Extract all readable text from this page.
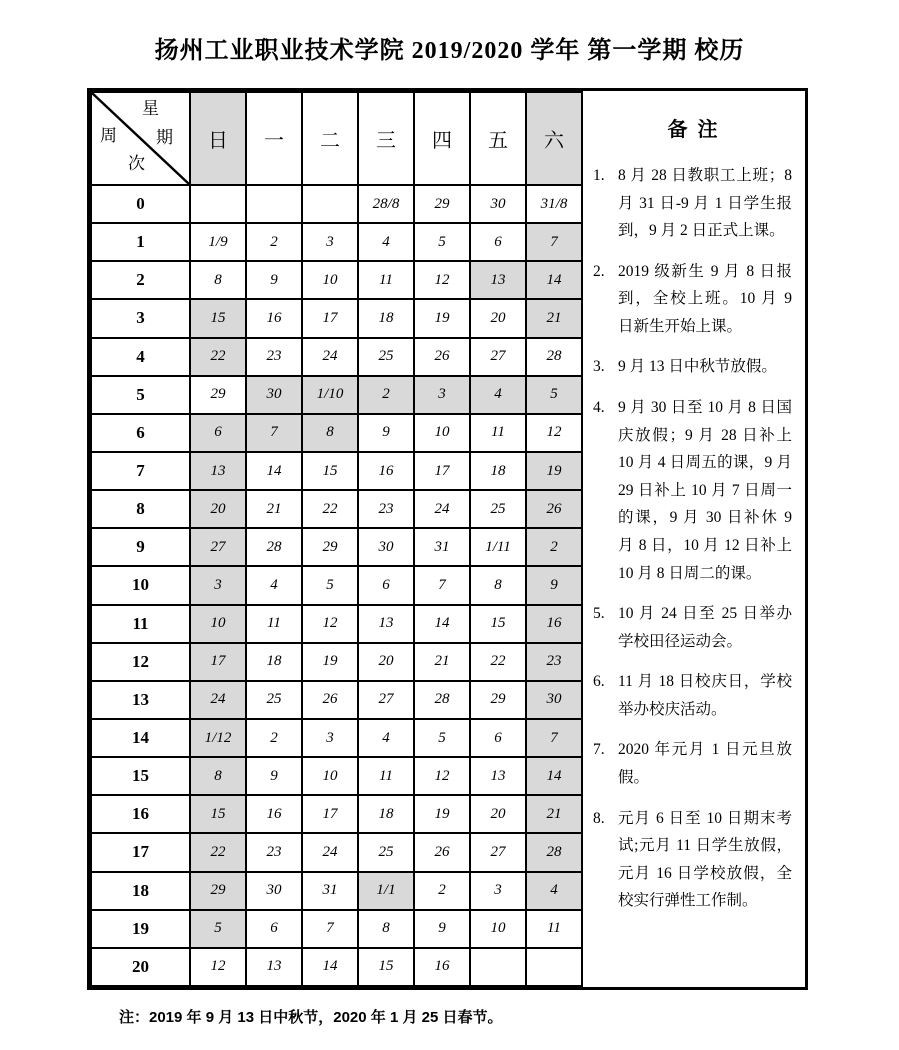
扬州工业职业技术学院 2019/2020 学年 第一学期 校历
星
期
周
次	日	一	二	三	四	五	六
0				28/8	29	30	31/8
1	1/9	2	3	4	5	6	7
2	8	9	10	11	12	13	14
3	15	16	17	18	19	20	21
4	22	23	24	25	26	27	28
5	29	30	1/10	2	3	4	5
6	6	7	8	9	10	11	12
7	13	14	15	16	17	18	19
8	20	21	22	23	24	25	26
9	27	28	29	30	31	1/11	2
10	3	4	5	6	7	8	9
11	10	11	12	13	14	15	16
12	17	18	19	20	21	22	23
13	24	25	26	27	28	29	30
14	1/12	2	3	4	5	6	7
15	8	9	10	11	12	13	14
16	15	16	17	18	19	20	21
17	22	23	24	25	26	27	28
18	29	30	31	1/1	2	3	4
19	5	6	7	8	9	10	11
20	12	13	14	15	16		
备  注
1. 8 月 28 日教职工上班；8 月 31 日-9 月 1 日学生报到，9 月 2 日正式上课。
2. 2019 级新生 9 月 8 日报到，全校上班。10 月 9 日新生开始上课。
3. 9 月 13 日中秋节放假。
4. 9 月 30 日至 10 月 8 日国庆放假；9 月 28 日补上 10 月 4 日周五的课，9 月 29 日补上 10 月 7 日周一的课，9 月 30 日补休 9 月 8 日，10 月 12 日补上 10 月 8 日周二的课。
5. 10 月 24 日至 25 日举办学校田径运动会。
6. 11 月 18 日校庆日，学校举办校庆活动。
7. 2020 年元月 1 日元旦放假。
8. 元月 6 日至 10 日期末考试;元月 11 日学生放假，元月 16 日学校放假，全校实行弹性工作制。
注：2019 年 9 月 13 日中秋节，2020 年 1 月 25 日春节。
